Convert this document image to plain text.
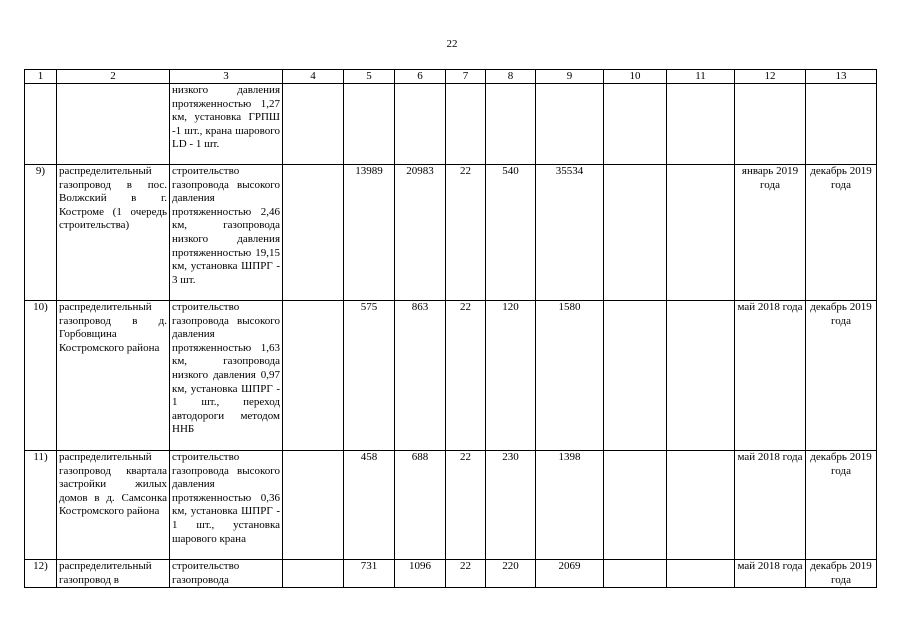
22
1	2	3	4	5	6	7	8	9	10	11	12	13
		низкого давления протяженностью 1,27 км, установка ГРПШ -1 шт., крана шарового LD - 1 шт.										
9)	распределительный газопровод в пос. Волжский в г. Костроме (1 очередь строительства)	строительство газопровода высокого давления протяженностью 2,46 км, газопровода низкого давления протяженностью 19,15 км, установка ШПРГ - 3 шт.		13989	20983	22	540	35534			январь 2019 года	декабрь 2019 года
10)	распределительный газопровод в д. Горбовщина Костромского района	строительство газопровода высокого давления протяженностью 1,63 км, газопровода низкого давления 0,97 км, установка ШПРГ - 1 шт., переход автодороги методом ННБ		575	863	22	120	1580			май 2018 года	декабрь 2019 года
11)	распределительный газопровод квартала застройки жилых домов в д. Самсонка Костромского района	строительство газопровода высокого давления протяженностью 0,36 км, установка ШПРГ - 1 шт., установка шарового крана		458	688	22	230	1398			май 2018 года	декабрь 2019 года
12)	распределительный газопровод в	строительство газопровода		731	1096	22	220	2069			май 2018 года	декабрь 2019 года
